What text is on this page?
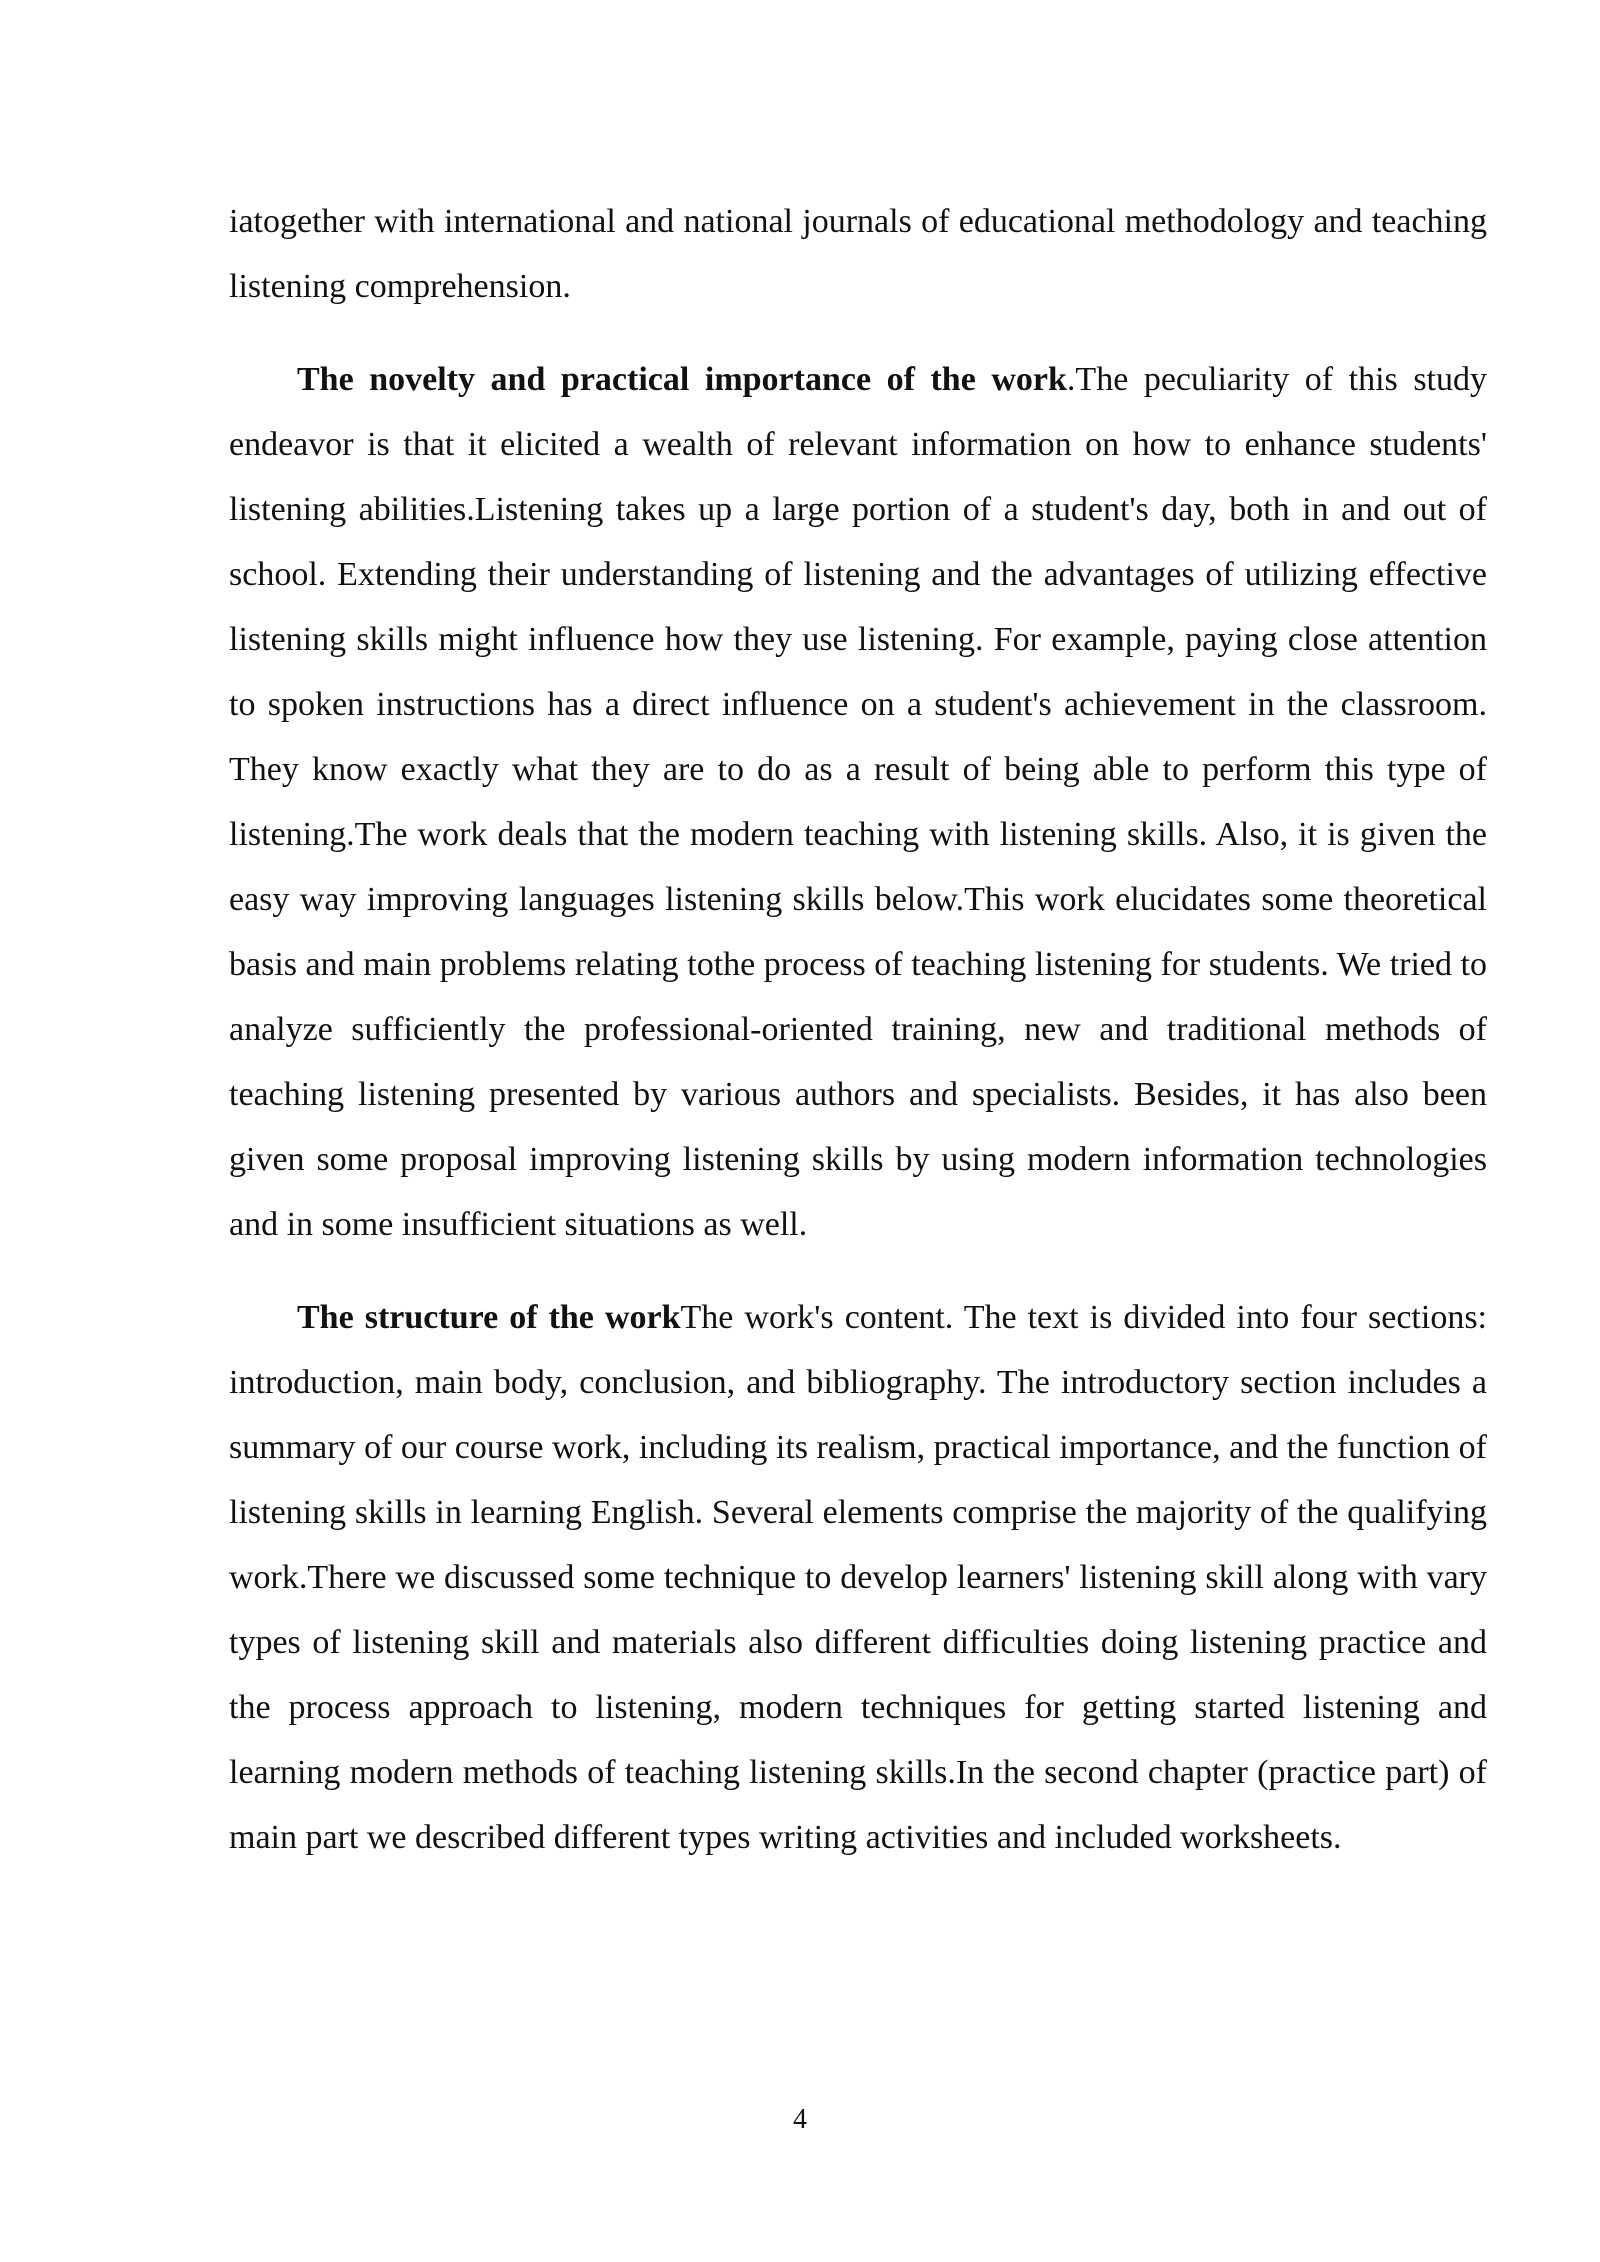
iatogether with international and national journals of educational methodology and teaching listening comprehension.

The novelty and practical importance of the work.The peculiarity of this study endeavor is that it elicited a wealth of relevant information on how to enhance students' listening abilities.Listening takes up a large portion of a student's day, both in and out of school. Extending their understanding of listening and the advantages of utilizing effective listening skills might influence how they use listening. For example, paying close attention to spoken instructions has a direct influence on a student's achievement in the classroom. They know exactly what they are to do as a result of being able to perform this type of listening.The work deals that the modern teaching with listening skills. Also, it is given the easy way improving languages listening skills below.This work elucidates some theoretical basis and main problems relating tothe process of teaching listening for students. We tried to analyze sufficiently the professional-oriented training, new and traditional methods of teaching listening presented by various authors and specialists. Besides, it has also been given some proposal improving listening skills by using modern information technologies and in some insufficient situations as well.

The structure of the workThe work's content. The text is divided into four sections: introduction, main body, conclusion, and bibliography. The introductory section includes a summary of our course work, including its realism, practical importance, and the function of listening skills in learning English. Several elements comprise the majority of the qualifying work.There we discussed some technique to develop learners' listening skill along with vary types of listening skill and materials also different difficulties doing listening practice and the process approach to listening, modern techniques for getting started listening and learning modern methods of teaching listening skills.In the second chapter (practice part) of main part we described different types writing activities and included worksheets.

4
